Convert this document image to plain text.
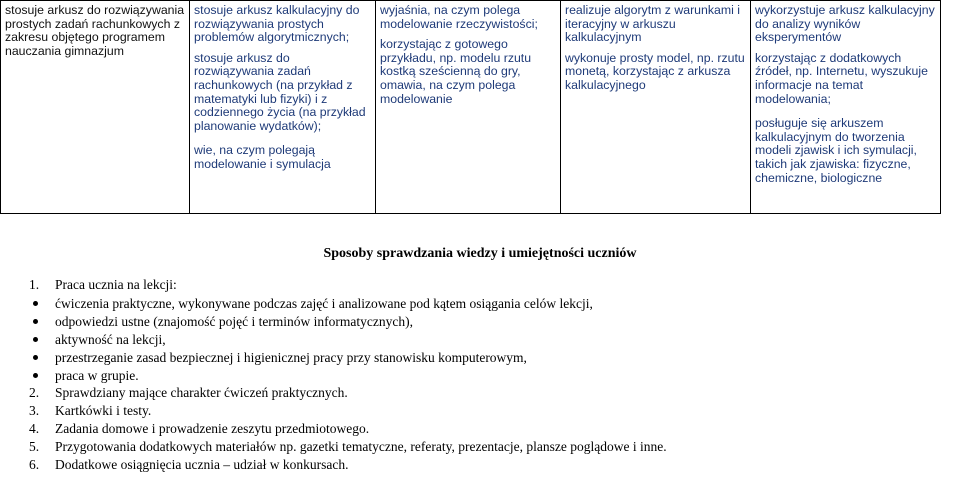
stosuje arkusz do rozwiązywania prostych zadań rachunkowych z zakresu objętego programem nauczania gimnazjum

stosuje arkusz kalkulacyjny do rozwiązywania prostych problemów algorytmicznych;
stosuje arkusz do rozwiązywania zadań rachunkowych (na przykład z matematyki lub fizyki) i z codziennego życia (na przykład planowanie wydatków);
wie, na czym polegają modelowanie i symulacja

wyjaśnia, na czym polega modelowanie rzeczywistości;
korzystając z gotowego przykładu, np. modelu rzutu kostką sześcienną do gry, omawia, na czym polega modelowanie

realizuje algorytm z warunkami i iteracyjny w arkuszu kalkulacyjnym
wykonuje prosty model, np. rzutu monetą, korzystając z arkusza kalkulacyjnego

wykorzystuje arkusz kalkulacyjny do analizy wyników eksperymentów
korzystając z dodatkowych źródeł, np. Internetu, wyszukuje informacje na temat modelowania;
posługuje się arkuszem kalkulacyjnym do tworzenia modeli zjawisk i ich symulacji, takich jak zjawiska: fizyczne, chemiczne, biologiczne
Sposoby sprawdzania wiedzy i umiejętności uczniów
1. Praca ucznia na lekcji:
ćwiczenia praktyczne, wykonywane podczas zajęć i analizowane pod kątem osiągania celów lekcji,
odpowiedzi ustne (znajomość pojęć i terminów informatycznych),
aktywność na lekcji,
przestrzeganie zasad bezpiecznej i higienicznej pracy przy stanowisku komputerowym,
praca w grupie.
2. Sprawdziany mające charakter ćwiczeń praktycznych.
3. Kartkówki i testy.
4. Zadania domowe i prowadzenie zeszytu przedmiotowego.
5. Przygotowania dodatkowych materiałów np. gazetki tematyczne, referaty, prezentacje, plansze poglądowe i inne.
6. Dodatkowe osiągnięcia ucznia – udział w konkursach.
